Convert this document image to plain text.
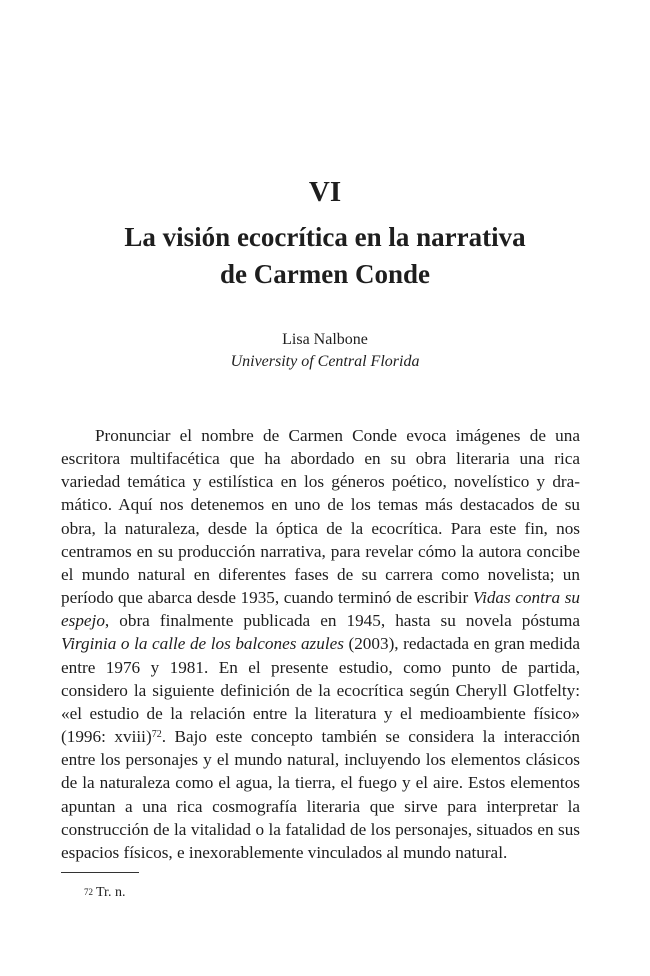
VI
La visión ecocrítica en la narrativa
de Carmen Conde
Lisa Nalbone
University of Central Florida

Pronunciar el nombre de Carmen Conde evoca imágenes de una escritora multifacética que ha abordado en su obra literaria una rica variedad temática y estilística en los géneros poético, novelístico y dramático. Aquí nos detenemos en uno de los temas más destacados de su obra, la naturaleza, desde la óptica de la ecocrítica. Para este fin, nos centramos en su producción narrativa, para revelar cómo la autora concibe el mundo natural en diferentes fases de su carrera como novelista; un período que abarca desde 1935, cuando terminó de escribir Vidas contra su espejo, obra finalmente publicada en 1945, hasta su novela póstuma Virginia o la calle de los balcones azules (2003), redactada en gran medida entre 1976 y 1981. En el presente estudio, como punto de partida, considero la siguiente definición de la ecocrítica según Cheryll Glotfelty: «el estudio de la relación entre la literatura y el medioambiente físico» (1996: xviii)$^{72}$. Bajo este concepto también se considera la interacción entre los personajes y el mundo natural, incluyendo los elementos clásicos de la naturaleza como el agua, la tierra, el fuego y el aire. Estos elementos apuntan a una rica cosmografía literaria que sirve para interpretar la construcción de la vitalidad o la fatalidad de los personajes, situados en sus espacios físicos, e inexorablemente vinculados al mundo natural.

$^{72}$ Tr. n.
